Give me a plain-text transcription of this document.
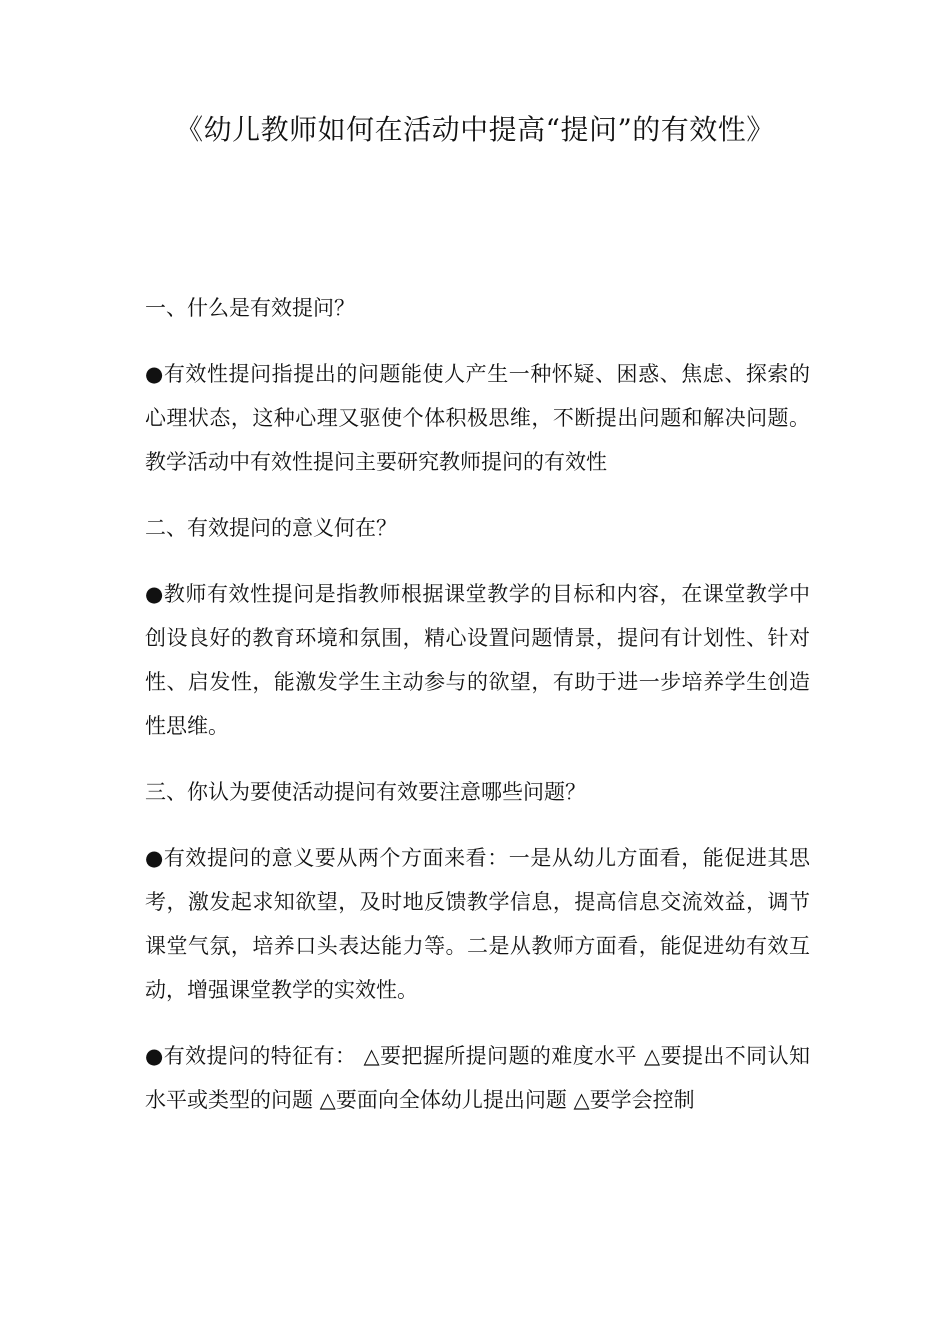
《幼儿教师如何在活动中提高“提问”的有效性》

一、什么是有效提问？

●有效性提问指提出的问题能使人产生一种怀疑、困惑、焦虑、探索的心理状态，这种心理又驱使个体积极思维，不断提出问题和解决问题。教学活动中有效性提问主要研究教师提问的有效性

二、有效提问的意义何在？

●教师有效性提问是指教师根据课堂教学的目标和内容，在课堂教学中创设良好的教育环境和氛围，精心设置问题情景，提问有计划性、针对性、启发性，能激发学生主动参与的欲望，有助于进一步培养学生创造性思维。

三、你认为要使活动提问有效要注意哪些问题？

●有效提问的意义要从两个方面来看：一是从幼儿方面看，能促进其思考，激发起求知欲望，及时地反馈教学信息，提高信息交流效益，调节课堂气氛，培养口头表达能力等。二是从教师方面看，能促进幼有效互动，增强课堂教学的实效性。

●有效提问的特征有： △要把握所提问题的难度水平 △要提出不同认知水平或类型的问题 △要面向全体幼儿提出问题 △要学会控制
